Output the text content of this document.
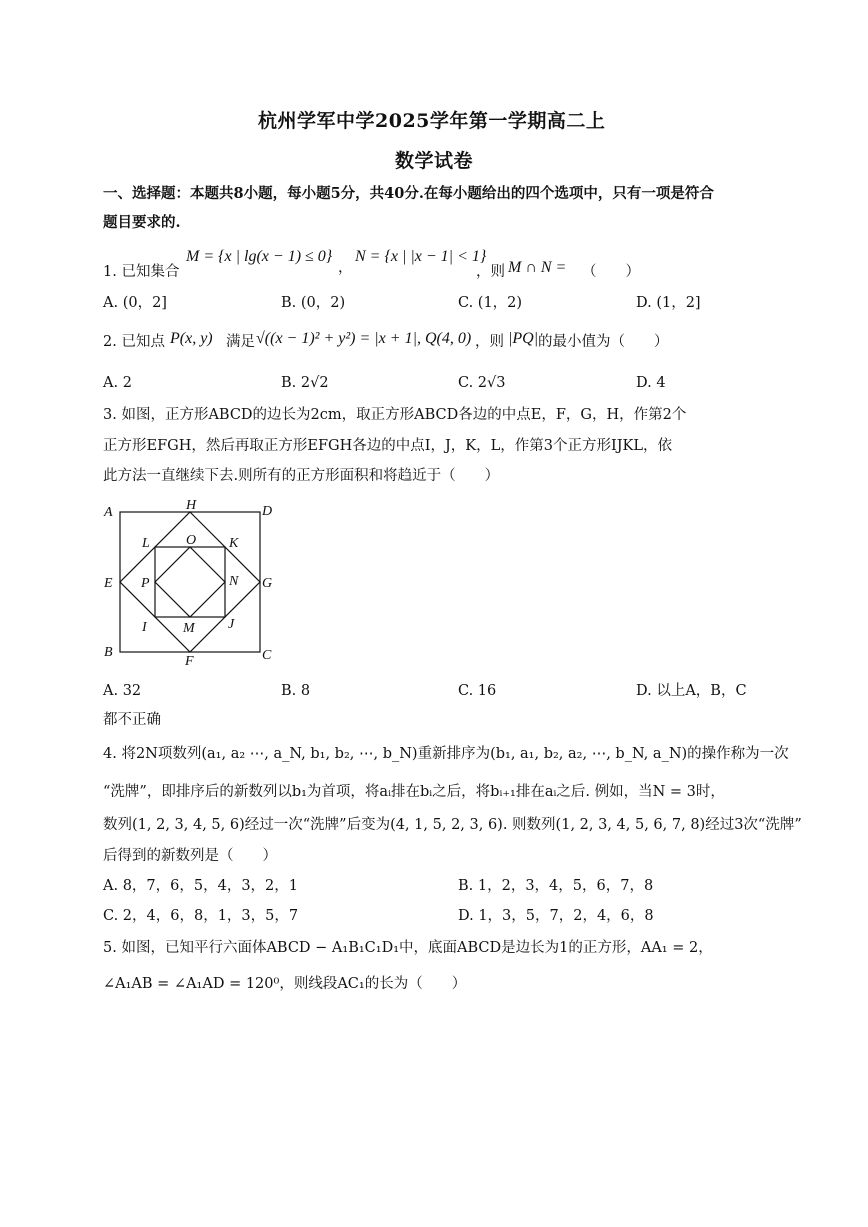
杭州学军中学2025学年第一学期高二上
数学试卷
一、选择题：本题共8小题，每小题5分，共40分.在每小题给出的四个选项中，只有一项是符合
题目要求的.
1. 已知集合
M = {x | lg(x − 1) ≤ 0}
，
N = {x | |x − 1| < 1}
，则 M ∩ N = （　　）
A. (0，2]	B. (0，2)	C. (1，2)	D. (1，2]
2. 已知点 P(x, y) 满足 √((x − 1)² + y²) = |x + 1|, Q(4, 0) ，则 |PQ| 的最小值为（　　）
A. 2	B. 2√2	C. 2√3	D. 4
3. 如图，正方形ABCD的边长为2cm，取正方形ABCD各边的中点E，F，G，H，作第2个
正方形EFGH，然后再取正方形EFGH各边的中点I，J，K，L，作第3个正方形IJKL，依
此方法一直继续下去.则所有的正方形面积和将趋近于（　　）
A	D
H
L	O K
E P	N G
I	M J
B
F	C
A. 32	B. 8	C. 16	D. 以上A，B，C
都不正确
4. 将2N项数列(a₁, a₂ ⋯, a_N, b₁, b₂, ⋯, b_N)重新排序为(b₁, a₁, b₂, a₂, ⋯, b_N, a_N)的操作称为一次
“洗牌”，即排序后的新数列以b₁为首项，将aᵢ排在bᵢ之后，将bᵢ₊₁排在aᵢ之后. 例如，当N = 3时，
数列(1, 2, 3, 4, 5, 6)经过一次“洗牌”后变为(4, 1, 5, 2, 3, 6). 则数列(1, 2, 3, 4, 5, 6, 7, 8)经过3次“洗牌”
后得到的新数列是（　　）
A. 8，7，6，5，4，3，2，1	B. 1，2，3，4，5，6，7，8
C. 2，4，6，8，1，3，5，7	D. 1，3，5，7，2，4，6，8
5. 如图，已知平行六面体ABCD − A₁B₁C₁D₁中，底面ABCD是边长为1的正方形，AA₁ = 2，
∠A₁AB = ∠A₁AD = 120⁰，则线段AC₁的长为（　　）
